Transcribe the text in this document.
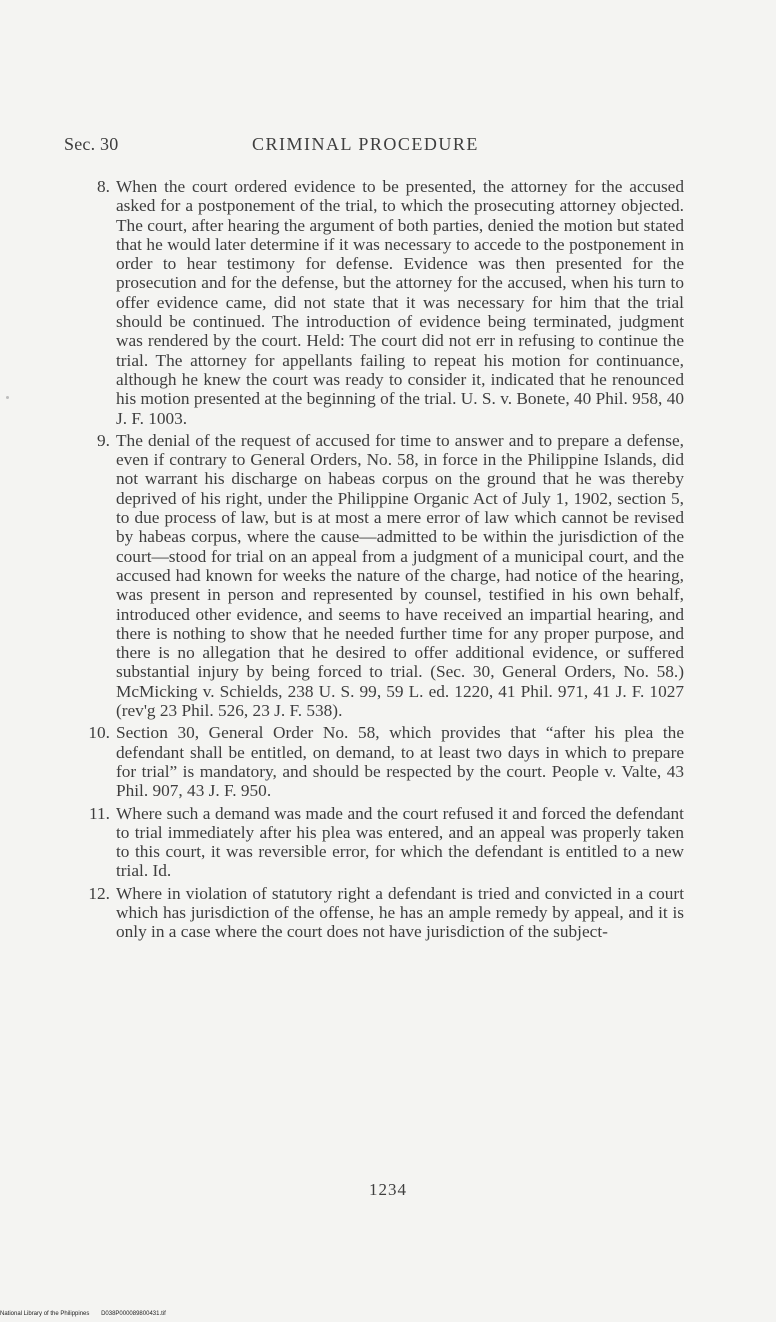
Sec. 30	CRIMINAL PROCEDURE
8. When the court ordered evidence to be presented, the attorney for the accused asked for a postponement of the trial, to which the prosecuting attorney objected. The court, after hearing the argument of both parties, denied the motion but stated that he would later determine if it was necessary to accede to the postponement in order to hear testimony for defense. Evidence was then presented for the prosecution and for the defense, but the attorney for the accused, when his turn to offer evidence came, did not state that it was necessary for him that the trial should be continued. The introduction of evidence being terminated, judgment was rendered by the court. Held: The court did not err in refusing to continue the trial. The attorney for appellants failing to repeat his motion for continuance, although he knew the court was ready to consider it, indicated that he renounced his motion presented at the beginning of the trial. U. S. v. Bonete, 40 Phil. 958, 40 J. F. 1003.
9. The denial of the request of accused for time to answer and to prepare a defense, even if contrary to General Orders, No. 58, in force in the Philippine Islands, did not warrant his discharge on habeas corpus on the ground that he was thereby deprived of his right, under the Philippine Organic Act of July 1, 1902, section 5, to due process of law, but is at most a mere error of law which cannot be revised by habeas corpus, where the cause—admitted to be within the jurisdiction of the court—stood for trial on an appeal from a judgment of a municipal court, and the accused had known for weeks the nature of the charge, had notice of the hearing, was present in person and represented by counsel, testified in his own behalf, introduced other evidence, and seems to have received an impartial hearing, and there is nothing to show that he needed further time for any proper purpose, and there is no allegation that he desired to offer additional evidence, or suffered substantial injury by being forced to trial. (Sec. 30, General Orders, No. 58.) McMicking v. Schields, 238 U. S. 99, 59 L. ed. 1220, 41 Phil. 971, 41 J. F. 1027 (rev'g 23 Phil. 526, 23 J. F. 538).
10. Section 30, General Order No. 58, which provides that “after his plea the defendant shall be entitled, on demand, to at least two days in which to prepare for trial” is mandatory, and should be respected by the court. People v. Valte, 43 Phil. 907, 43 J. F. 950.
11. Where such a demand was made and the court refused it and forced the defendant to trial immediately after his plea was entered, and an appeal was properly taken to this court, it was reversible error, for which the defendant is entitled to a new trial. Id.
12. Where in violation of statutory right a defendant is tried and convicted in a court which has jurisdiction of the offense, he has an ample remedy by appeal, and it is only in a case where the court does not have jurisdiction of the subject-
1234
National Library of the Philippines D038P000089800431.tif
